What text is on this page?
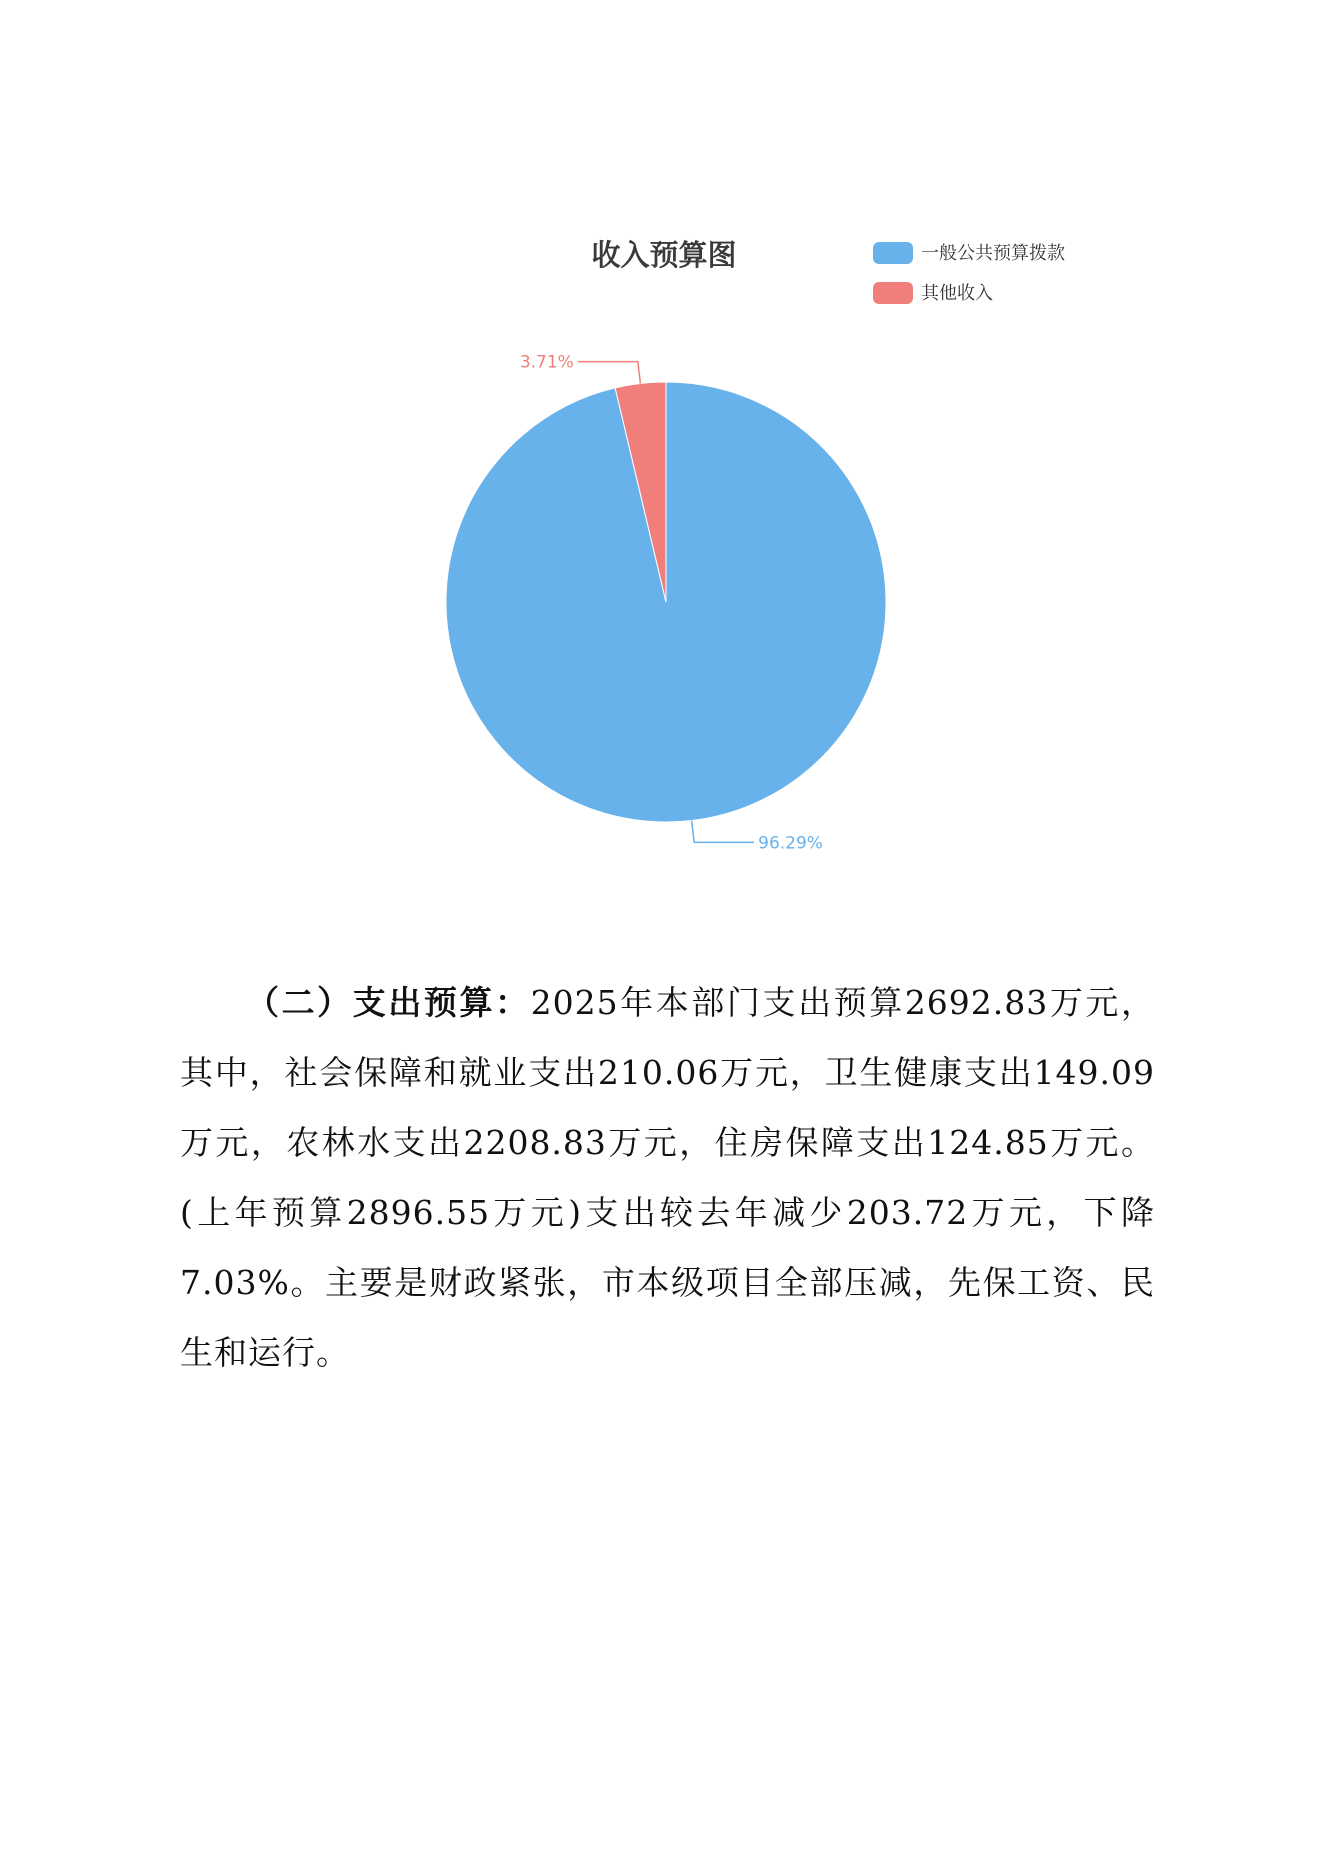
收入预算图	一般公共预算拨款
其他收入
96.29%
3.71%
（二）支出预算：2025年本部门支出预算2692.83万元，其中，社会保障和就业支出210.06万元，卫生健康支出149.09万元，农林水支出2208.83万元，住房保障支出124.85万元。(上年预算2896.55万元)支出较去年减少203.72万元，下降7.03%。主要是财政紧张，市本级项目全部压减，先保工资、民生和运行。
